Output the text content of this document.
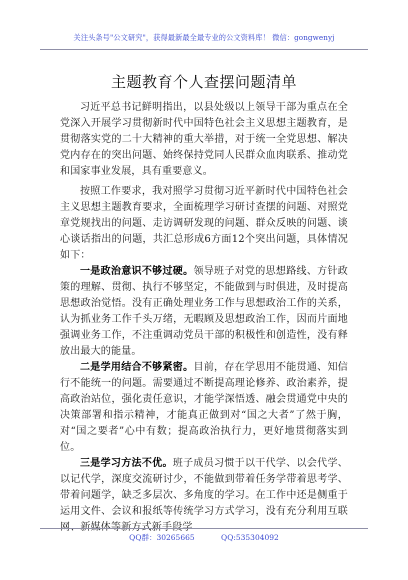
关注头条号"公文研究"，获得最新最全最专业的公文资料库！ 微信：gongwenyj
主题教育个人查摆问题清单

习近平总书记鲜明指出，以县处级以上领导干部为重点在全党深入开展学习贯彻新时代中国特色社会主义思想主题教育，是贯彻落实党的二十大精神的重大举措，对于统一全党思想、解决党内存在的突出问题、始终保持党同人民群众血肉联系、推动党和国家事业发展，具有重要意义。

按照工作要求，我对照学习贯彻习近平新时代中国特色社会主义思想主题教育要求，全面梳理学习研讨查摆的问题、对照党章党规找出的问题、走访调研发现的问题、群众反映的问题、谈心谈话指出的问题，共汇总形成6方面12个突出问题，具体情况如下：

一是政治意识不够过硬。领导班子对党的思想路线、方针政策的理解、贯彻、执行不够坚定，不能做到与时俱进，及时提高思想政治觉悟。没有正确处理业务工作与思想政治工作的关系，认为抓业务工作千头万绪，无暇顾及思想政治工作，因而片面地强调业务工作，不注重调动党员干部的积极性和创造性，没有释放出最大的能量。

二是学用结合不够紧密。目前，存在学思用不能贯通、知信行不能统一的问题。需要通过不断提高理论修养、政治素养，提高政治站位，强化责任意识，才能学深悟透、融会贯通党中央的决策部署和指示精神，才能真正做到对“国之大者”了然于胸，对“国之要者”心中有数；提高政治执行力，更好地贯彻落实到位。

三是学习方法不优。班子成员习惯于以干代学、以会代学、以记代学，深度交流研讨少，不能做到带着任务学带着思考学、带着问题学，缺乏多层次、多角度的学习。在工作中还是侧重于运用文件、会议和报纸等传统学习方式学习，没有充分利用互联网、新媒体等新方式新手段学

QQ群：30265665	QQ:535304092
